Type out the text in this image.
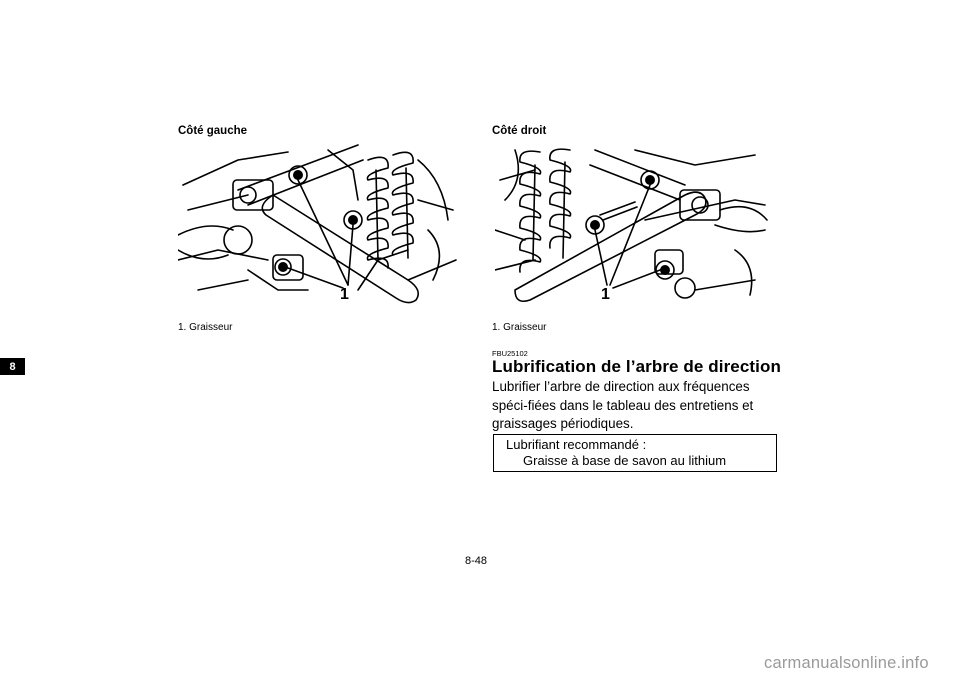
Côté gauche
1
1. Graisseur
Côté droit
1
1. Graisseur
8
FBU25102
Lubrification de l’arbre de direction
Lubrifier l’arbre de direction aux fréquences spéci-fiées dans le tableau des entretiens et graissages périodiques.
Lubrifiant recommandé :
Graisse à base de savon au lithium
8-48
carmanualsonline.info
